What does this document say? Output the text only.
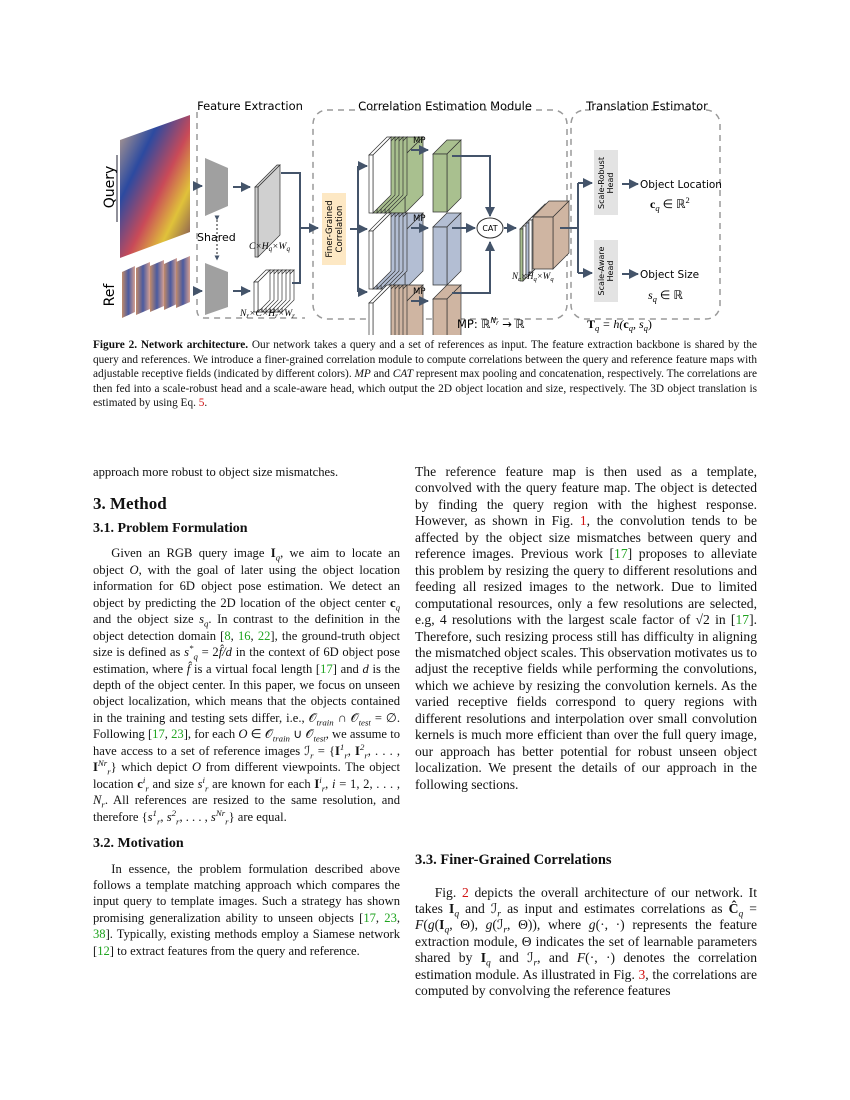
Feature Extraction	Correlation Estimation Module	Translation Estimator
Query
Ref
Shared
$C\times H_q\times W_q$
$N_r\times C\times H_r\times W_r$
Finer-GrainedCorrelation
MP
MP
MP
CAT
$N_c\times H_q\times W_q$
Scale-RobustHead
Scale-AwareHead
Object Location
$c_q$ ∈ ℝ$^2$
Object Size
$s_q$ ∈ ℝ
MP: ℝ$^N$r → ℝ	$T_q = h(c_q$, $s_q$)
Figure 2. Network architecture. Our network takes a query and a set of references as input. The feature extraction backbone is shared by the query and references. We introduce a finer-grained correlation module to compute correlations between the query and reference feature maps with adjustable receptive fields (indicated by different colors). MP and CAT represent max pooling and concatenation, respectively. The correlations are then fed into a scale-robust head and a scale-aware head, which output the 2D object location and size, respectively. The 3D object translation is estimated by using Eq. 5.

approach more robust to object size mismatches.

3. Method
3.1. Problem Formulation

Given an RGB query image $I_q$, we aim to locate an object O, with the goal of later using the object location information for 6D object pose estimation. We detect an object by predicting the 2D location of the object center $c_q$ and the object size $s_q$. In contrast to the definition in the object detection domain [8, 16, 22], the ground-truth object size is defined as $s^*_q$ = 2f̂/d in the context of 6D object pose estimation, where f̂ is a virtual focal length [17] and d is the depth of the object center. In this paper, we focus on unseen object localization, which means that the objects contained in the training and testing sets differ, i.e., 𝒪$_{train}$ ∩ 𝒪$_{test}$ = ∅. Following [17, 23], for each O ∈ 𝒪$_{train}$ ∪ 𝒪$_{test}$, we assume to have access to a set of reference images ℐ$_r$ = {$I^1_r$, $I^2_r$, . . . , $I^{Nr}_r$} which depict O from different viewpoints. The object location $c^i_r$ and size $s^i_r$ are known for each $I^i_r$, i = 1, 2, . . . , $N_r$. All references are resized to the same resolution, and therefore {$s^1_r$, $s^2_r$, . . . , $s^{Nr}_r$} are equal.

3.2. Motivation

In essence, the problem formulation described above follows a template matching approach which compares the input query to template images. Such a strategy has shown promising generalization ability to unseen objects [17, 23, 38]. Typically, existing methods employ a Siamese network [12] to extract features from the query and reference.

The reference feature map is then used as a template, convolved with the query feature map. The object is detected by finding the query region with the highest response. However, as shown in Fig. 1, the convolution tends to be affected by the object size mismatches between query and reference images. Previous work [17] proposes to alleviate this problem by resizing the query to different resolutions and feeding all resized images to the network. Due to limited computational resources, only a few resolutions are selected, e.g, 4 resolutions with the largest scale factor of √2 in [17]. Therefore, such resizing process still has difficulty in aligning the mismatched object scales. This observation motivates us to adjust the receptive fields while performing the convolutions, which we achieve by resizing the convolution kernels. As the varied receptive fields correspond to query regions with different resolutions and interpolation over small convolution kernels is much more efficient than over the full query image, our approach has better potential for robust unseen object localization. We present the details of our approach in the following sections.

3.3. Finer-Grained Correlations

Fig. 2 depicts the overall architecture of our network. It takes $I_q$ and ℐ$_r$ as input and estimates correlations as $Ĉ_q = F(g(I_q$, Θ), g(ℐ$_r$, Θ)), where g(·, ·) represents the feature extraction module, Θ indicates the set of learnable parameters shared by $I_q$ and ℐ$_r$, and F(·, ·) denotes the correlation estimation module. As illustrated in Fig. 3, the correlations are computed by convolving the reference features
